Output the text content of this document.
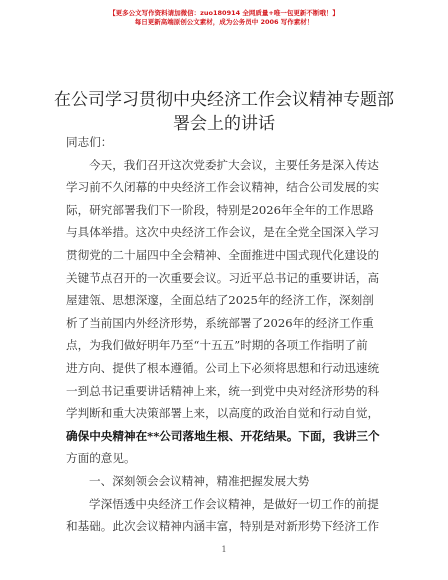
【更多公文写作资料请加微信：zuo180914 全网质量+唯一包更新不断哦！】
每日更新高端原创公文素材，成为公务员中 2006 写作素材！
在公司学习贯彻中央经济工作会议精神专题部
署会上的讲话
同志们：
今天，我们召开这次党委扩大会议，主要任务是深入传达
学习前不久闭幕的中央经济工作会议精神，结合公司发展的实
际，研究部署我们下一阶段，特别是2026年全年的工作思路
与具体举措。这次中央经济工作会议，是在全党全国深入学习
贯彻党的二十届四中全会精神、全面推进中国式现代化建设的
关键节点召开的一次重要会议。习近平总书记的重要讲话，高
屋建瓴、思想深邃，全面总结了2025年的经济工作，深刻剖
析了当前国内外经济形势，系统部署了2026年的经济工作重
点，为我们做好明年乃至“十五五”时期的各项工作指明了前
进方向、提供了根本遵循。公司上下必须将思想和行动迅速统
一到总书记重要讲话精神上来，统一到党中央对经济形势的科
学判断和重大决策部署上来，以高度的政治自觉和行动自觉，
确保中央精神在**公司落地生根、开花结果。下面，我讲三个
方面的意见。
一、深刻领会会议精神，精准把握发展大势
学深悟透中央经济工作会议精神，是做好一切工作的前提
和基础。此次会议精神内涵丰富，特别是对新形势下经济工作
1
